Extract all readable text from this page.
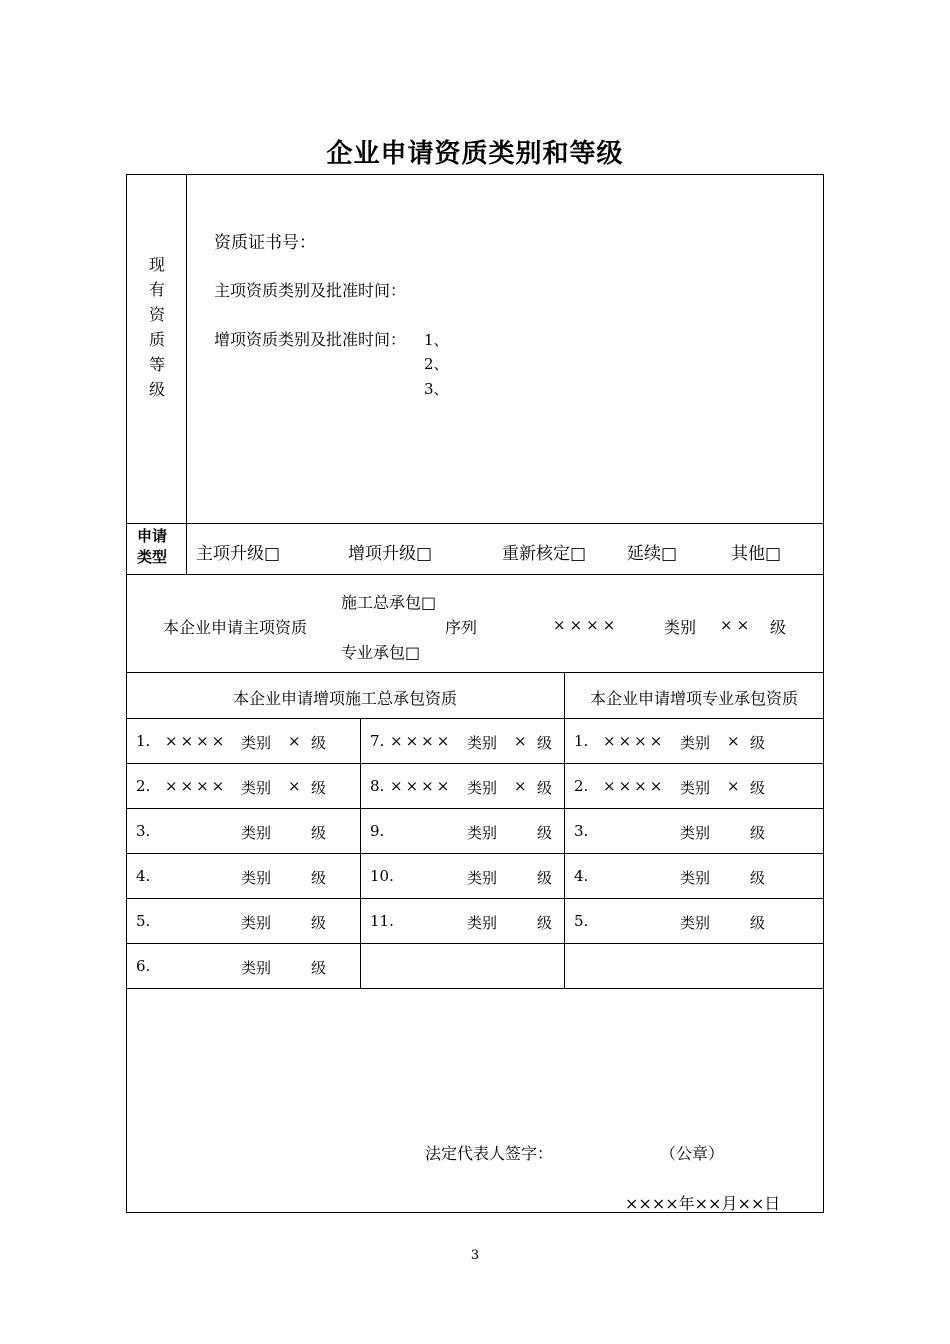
企业申请资质类别和等级
现
有
资
质
等
级
资质证书号：
主项资质类别及批准时间：
增项资质类别及批准时间： 1、
2、
3、
申请
类型 主项升级□	增项升级□	重新核定□ 延续□	其他□
施工总承包□
本企业申请主项资质
专业承包□
序列	××××	类别 ×× 级
本企业申请增项施工总承包资质	本企业申请增项专业承包资质
1. ×××× 类别 × 级	7. ×××× 类别 × 级 1. ×××× 类别 × 级
2. ×××× 类别 × 级	8. ×××× 类别 × 级 2. ×××× 类别 × 级
3.	类别	级	9.	类别	级 3.	类别	级
4.	类别	级	10.	类别	级 4.	类别	级
5.	类别	级	11.	类别	级 5.	类别	级
6.	类别	级
法定代表人签字：	（公章）
××××年××月××日
3
